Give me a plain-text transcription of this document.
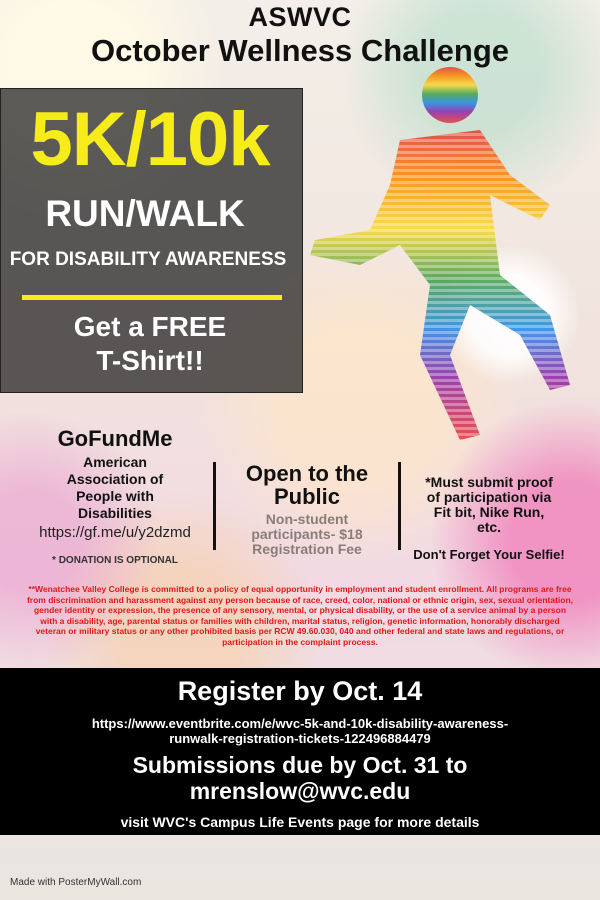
ASWVC
October Wellness Challenge
5K/10k
RUN/WALK
FOR DISABILITY AWARENESS
Get a FREE
T-Shirt!!
GoFundMe
American
Association of
People with
Disabilities
https://gf.me/u/y2dzmd
* DONATION IS OPTIONAL
Open to the
Public
Non-student
participants- $18
Registration Fee
*Must submit proof
of participation via
Fit bit, Nike Run,
etc.
Don't Forget Your Selfie!
**Wenatchee Valley College is committed to a policy of equal opportunity in employment and student enrollment. All programs are free from discrimination and harassment against any person because of race, creed, color, national or ethnic origin, sex, sexual orientation, gender identity or expression, the presence of any sensory, mental, or physical disability, or the use of a service animal by a person with a disability, age, parental status or families with children, marital status, religion, genetic information, honorably discharged veteran or military status or any other prohibited basis per RCW 49.60.030, 040 and other federal and state laws and regulations, or participation in the complaint process.
Register by Oct. 14
https://www.eventbrite.com/e/wvc-5k-and-10k-disability-awareness-
runwalk-registration-tickets-122496884479
Submissions due by Oct. 31 to
mrenslow@wvc.edu
visit WVC's Campus Life Events page for more details
Made with PosterMyWall.com
